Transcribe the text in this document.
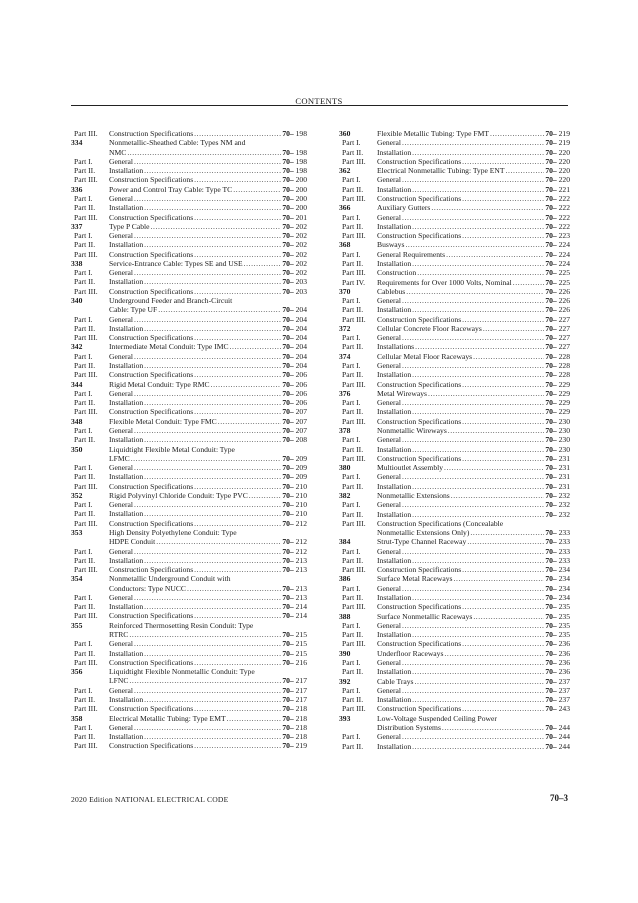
CONTENTS
Part III.	Construction Specifications .....	70– 198
334	Nonmetallic-Sheathed Cable: Types NM and
NMC .....	70– 198
Part I.	General .....	70– 198
Part II.	Installation .....	70– 198
Part III.	Construction Specifications .....	70– 200
336	Power and Control Tray Cable: Type TC .....	70– 200
Part I.	General .....	70– 200
Part II.	Installation .....	70– 200
Part III.	Construction Specifications .....	70– 201
337	Type P Cable .....	70– 202
Part I.	General .....	70– 202
Part II.	Installation .....	70– 202
Part III.	Construction Specifications .....	70– 202
338	Service-Entrance Cable: Types SE and USE .....	70– 202
Part I.	General .....	70– 202
Part II.	Installation .....	70– 203
Part III.	Construction Specifications .....	70– 203
340	Underground Feeder and Branch-Circuit
Cable: Type UF .....	70– 204
Part I.	General .....	70– 204
Part II.	Installation .....	70– 204
Part III.	Construction Specifications .....	70– 204
342	Intermediate Metal Conduit: Type IMC .....	70– 204
Part I.	General .....	70– 204
Part II.	Installation .....	70– 204
Part III.	Construction Specifications .....	70– 206
344	Rigid Metal Conduit: Type RMC .....	70– 206
Part I.	General .....	70– 206
Part II.	Installation .....	70– 206
Part III.	Construction Specifications .....	70– 207
348	Flexible Metal Conduit: Type FMC .....	70– 207
Part I.	General .....	70– 207
Part II.	Installation .....	70– 208
350	Liquidtight Flexible Metal Conduit: Type
LFMC .....	70– 209
Part I.	General .....	70– 209
Part II.	Installation .....	70– 209
Part III.	Construction Specifications .....	70– 210
352	Rigid Polyvinyl Chloride Conduit: Type PVC .....	70– 210
Part I.	General .....	70– 210
Part II.	Installation .....	70– 210
Part III.	Construction Specifications .....	70– 212
353	High Density Polyethylene Conduit: Type
HDPE Conduit .....	70– 212
Part I.	General .....	70– 212
Part II.	Installation .....	70– 213
Part III.	Construction Specifications .....	70– 213
354	Nonmetallic Underground Conduit with
Conductors: Type NUCC .....	70– 213
Part I.	General .....	70– 213
Part II.	Installation .....	70– 214
Part III.	Construction Specifications .....	70– 214
355	Reinforced Thermosetting Resin Conduit: Type
RTRC .....	70– 215
Part I.	General .....	70– 215
Part II.	Installation .....	70– 215
Part III.	Construction Specifications .....	70– 216
356	Liquidtight Flexible Nonmetallic Conduit: Type
LFNC .....	70– 217
Part I.	General .....	70– 217
Part II.	Installation .....	70– 217
Part III.	Construction Specifications .....	70– 218
358	Electrical Metallic Tubing: Type EMT .....	70– 218
Part I.	General .....	70– 218
Part II.	Installation .....	70– 218
Part III.	Construction Specifications .....	70– 219
360	Flexible Metallic Tubing: Type FMT .....	70– 219
Part I.	General .....	70– 219
Part II.	Installation .....	70– 220
Part III.	Construction Specifications .....	70– 220
362	Electrical Nonmetallic Tubing: Type ENT .....	70– 220
Part I.	General .....	70– 220
Part II.	Installation .....	70– 221
Part III.	Construction Specifications .....	70– 222
366	Auxiliary Gutters .....	70– 222
Part I.	General .....	70– 222
Part II.	Installation .....	70– 222
Part III.	Construction Specifications .....	70– 223
368	Busways .....	70– 224
Part I.	General Requirements .....	70– 224
Part II.	Installation .....	70– 224
Part III.	Construction .....	70– 225
Part IV.	Requirements for Over 1000 Volts, Nominal .....	70– 225
370	Cablebus .....	70– 226
Part I.	General .....	70– 226
Part II.	Installation .....	70– 226
Part III.	Construction Specifications .....	70– 227
372	Cellular Concrete Floor Raceways .....	70– 227
Part I.	General .....	70– 227
Part II.	Installations .....	70– 227
374	Cellular Metal Floor Raceways .....	70– 228
Part I.	General .....	70– 228
Part II.	Installation .....	70– 228
Part III.	Construction Specifications .....	70– 229
376	Metal Wireways .....	70– 229
Part I.	General .....	70– 229
Part II.	Installation .....	70– 229
Part III.	Construction Specifications .....	70– 230
378	Nonmetallic Wireways .....	70– 230
Part I.	General .....	70– 230
Part II.	Installation .....	70– 230
Part III.	Construction Specifications .....	70– 231
380	Multioutlet Assembly .....	70– 231
Part I.	General .....	70– 231
Part II.	Installation .....	70– 231
382	Nonmetallic Extensions .....	70– 232
Part I.	General .....	70– 232
Part II.	Installation .....	70– 232
Part III.	Construction Specifications (Concealable
Nonmetallic Extensions Only) .....	70– 233
384	Strut-Type Channel Raceway .....	70– 233
Part I.	General .....	70– 233
Part II.	Installation .....	70– 233
Part III.	Construction Specifications .....	70– 234
386	Surface Metal Raceways .....	70– 234
Part I.	General .....	70– 234
Part II.	Installation .....	70– 234
Part III.	Construction Specifications .....	70– 235
388	Surface Nonmetallic Raceways .....	70– 235
Part I.	General .....	70– 235
Part II.	Installation .....	70– 235
Part III.	Construction Specifications .....	70– 236
390	Underfloor Raceways .....	70– 236
Part I.	General .....	70– 236
Part II.	Installation .....	70– 236
392	Cable Trays .....	70– 237
Part I.	General .....	70– 237
Part II.	Installation .....	70– 237
Part III.	Construction Specifications .....	70– 243
393	Low-Voltage Suspended Ceiling Power
Distribution Systems .....	70– 244
Part I.	General .....	70– 244
Part II.	Installation .....	70– 244
2020 Edition NATIONAL ELECTRICAL CODE	70–3
